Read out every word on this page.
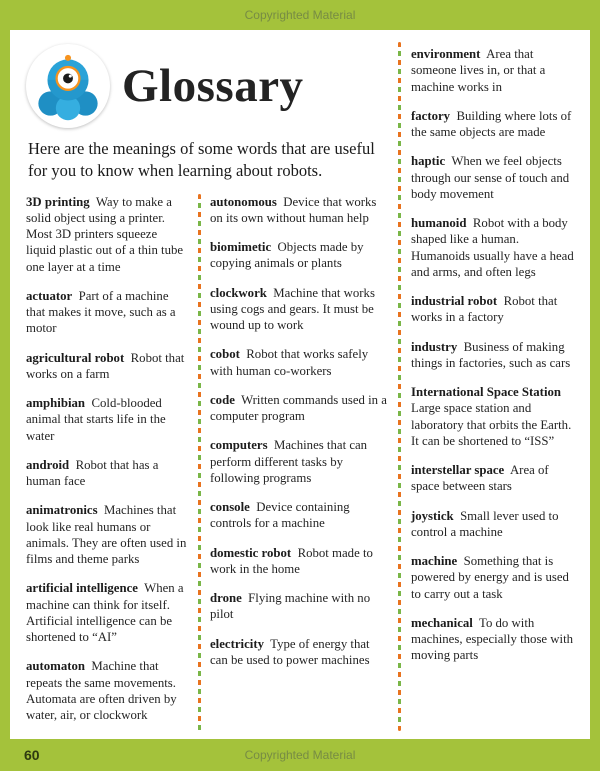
Copyrighted Material
Glossary

Here are the meanings of some words that are useful for you to know when learning about robots.

3D printing Way to make a solid object using a printer. Most 3D printers squeeze liquid plastic out of a thin tube one layer at a time
actuator Part of a machine that makes it move, such as a motor
agricultural robot Robot that works on a farm
amphibian Cold-blooded animal that starts life in the water
android Robot that has a human face
animatronics Machines that look like real humans or animals. They are often used in films and theme parks
artificial intelligence When a machine can think for itself. Artificial intelligence can be shortened to “AI”
automaton Machine that repeats the same movements. Automata are often driven by water, air, or clockwork
autonomous Device that works on its own without human help
biomimetic Objects made by copying animals or plants
clockwork Machine that works using cogs and gears. It must be wound up to work
cobot Robot that works safely with human co-workers
code Written commands used in a computer program
computers Machines that can perform different tasks by following programs
console Device containing controls for a machine
domestic robot Robot made to work in the home
drone Flying machine with no pilot
electricity Type of energy that can be used to power machines
environment Area that someone lives in, or that a machine works in
factory Building where lots of the same objects are made
haptic When we feel objects through our sense of touch and body movement
humanoid Robot with a body shaped like a human. Humanoids usually have a head and arms, and often legs
industrial robot Robot that works in a factory
industry Business of making things in factories, such as cars
International Space Station  Large space station and laboratory that orbits the Earth. It can be shortened to “ISS”
interstellar space Area of space between stars
joystick Small lever used to control a machine
machine Something that is powered by energy and is used to carry out a task
mechanical To do with machines, especially those with moving parts
60	Copyrighted Material
